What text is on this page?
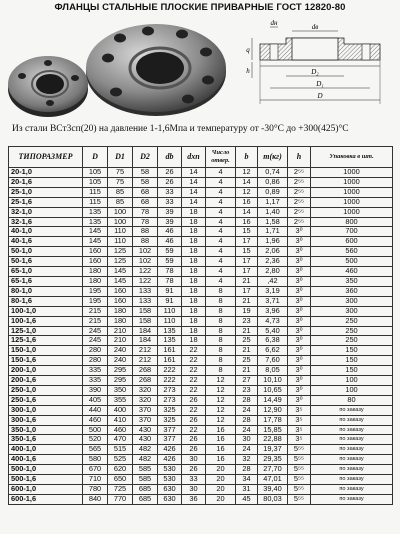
ФЛАНЦЫ СТАЛЬНЫЕ ПЛОСКИЕ ПРИВАРНЫЕ ГОСТ 12820-80
dн	dв
D₂
D₁
D
q
h
Из стали ВСт3сп(20) на давление 1-1,6Мпа и температуру от -30°С до +300(425)°С
ТИПОРАЗМЕР	D	D1	D2	db	dхп	Число отвер.	b	m(кг)	h	Упаковка в шт.
20-1,0	105	75	58	26	14	4	12	0,74	2⁵⁵	1000
20-1,6	105	75	58	26	14	4	14	0,86	2⁵⁵	1000
25-1,0	115	85	68	33	14	4	12	0,89	2⁵⁵	1000
25-1,6	115	85	68	33	14	4	16	1,17	2⁵⁵	1000
32-1,0	135	100	78	39	18	4	14	1,40	2⁵⁵	1000
32-1,6	135	100	78	39	18	4	16	1,58	2⁵⁵	800
40-1,0	145	110	88	46	18	4	15	1,71	3⁰	700
40-1,6	145	110	88	46	18	4	17	1,96	3⁰	600
50-1,0	160	125	102	59	18	4	15	2,06	3⁰	560
50-1,6	160	125	102	59	18	4	17	2,36	3⁰	500
65-1,0	180	145	122	78	18	4	17	2,80	3⁰	460
65-1,6	180	145	122	78	18	4	21	,42	3⁰	350
80-1,0	195	160	133	91	18	8	17	3,19	3⁰	360
80-1,6	195	160	133	91	18	8	21	3,71	3⁰	300
100-1,0	215	180	158	110	18	8	19	3,96	3⁰	300
100-1,6	215	180	158	110	18	8	23	4,73	3⁰	250
125-1,0	245	210	184	135	18	8	21	5,40	3⁰	250
125-1,6	245	210	184	135	18	8	25	6,38	3⁰	250
150-1,0	280	240	212	161	22	8	21	6,62	3⁰	150
150-1,6	280	240	212	161	22	8	25	7,60	3⁰	150
200-1,0	335	295	268	222	22	8	21	8,05	3⁰	150
200-1,6	335	295	268	222	22	12	27	10,10	3⁰	100
250-1,0	390	350	320	273	22	12	23	10,65	3⁰	100
250-1,6	405	355	320	273	26	12	28	14,49	3⁰	80
300-1,0	440	400	370	325	22	12	24	12,90	3⁵	по заказу
300-1,6	460	410	370	325	26	12	28	17,78	3⁵	по заказу
350-1,0	500	460	430	377	22	16	24	15,85	3⁵	по заказу
350-1,6	520	470	430	377	26	16	30	22,88	3⁵	по заказу
400-1,0	565	515	482	426	26	16	24	19,37	5⁵⁵	по заказу
400-1,6	580	525	482	426	30	16	32	29,35	5⁵⁵	по заказу
500-1,0	670	620	585	530	26	20	28	27,70	5⁵⁵	по заказу
500-1,6	710	650	585	530	33	20	34	47,01	5⁵⁵	по заказу
600-1,0	780	725	685	630	30	20	31	39,40	5⁵⁵	по заказу
600-1,6	840	770	685	630	36	20	45	80,03	5⁵⁵	по заказу
